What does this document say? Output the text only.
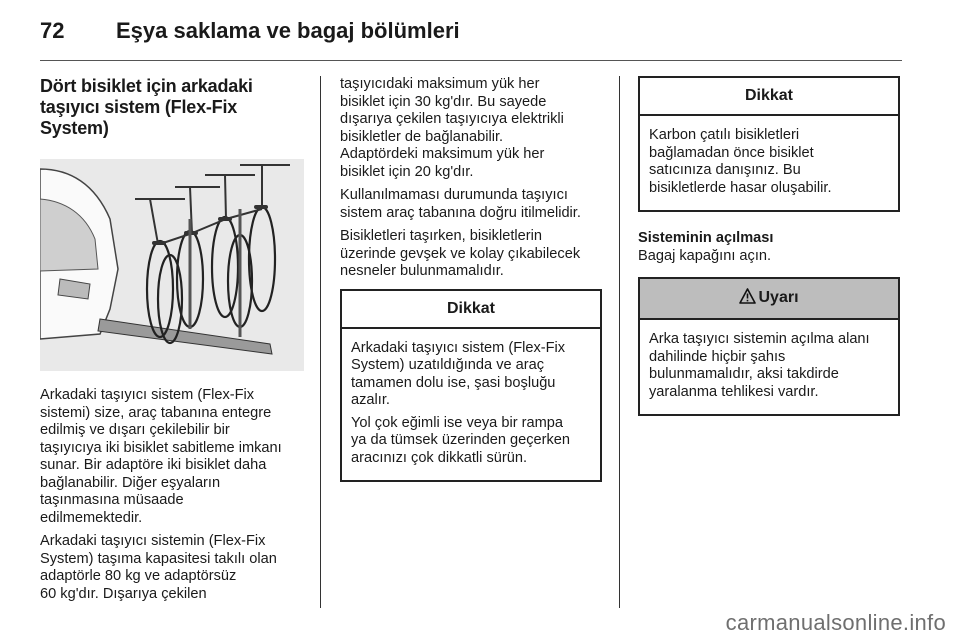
72 Eşya saklama ve bagaj bölümleri
Dört bisiklet için arkadaki
taşıyıcı sistem (Flex-Fix
System)

Arkadaki taşıyıcı sistem (Flex-Fix
sistemi) size, araç tabanına entegre
edilmiş ve dışarı çekilebilir bir
taşıyıcıya iki bisiklet sabitleme imkanı
sunar. Bir adaptöre iki bisiklet daha
bağlanabilir. Diğer eşyaların
taşınmasına müsaade
edilmemektedir.

Arkadaki taşıyıcı sistemin (Flex-Fix
System) taşıma kapasitesi takılı olan
adaptörle 80 kg ve adaptörsüz
60 kg'dır. Dışarıya çekilen

taşıyıcıdaki maksimum yük her
bisiklet için 30 kg'dır. Bu sayede
dışarıya çekilen taşıyıcıya elektrikli
bisikletler de bağlanabilir.
Adaptördeki maksimum yük her
bisiklet için 20 kg'dır.

Kullanılmaması durumunda taşıyıcı
sistem araç tabanına doğru itilmelidir.

Bisikletleri taşırken, bisikletlerin
üzerinde gevşek ve kolay çıkabilecek
nesneler bulunmamalıdır.

Dikkat

Arkadaki taşıyıcı sistem (Flex-Fix
System) uzatıldığında ve araç
tamamen dolu ise, şasi boşluğu
azalır.

Yol çok eğimli ise veya bir rampa
ya da tümsek üzerinden geçerken
aracınızı çok dikkatli sürün.

Dikkat

Karbon çatılı bisikletleri
bağlamadan önce bisiklet
satıcınıza danışınız. Bu
bisikletlerde hasar oluşabilir.

Sisteminin açılması

Bagaj kapağını açın.

Uyarı

Arka taşıyıcı sistemin açılma alanı
dahilinde hiçbir şahıs
bulunmamalıdır, aksi takdirde
yaralanma tehlikesi vardır.

carmanualsonline.info
